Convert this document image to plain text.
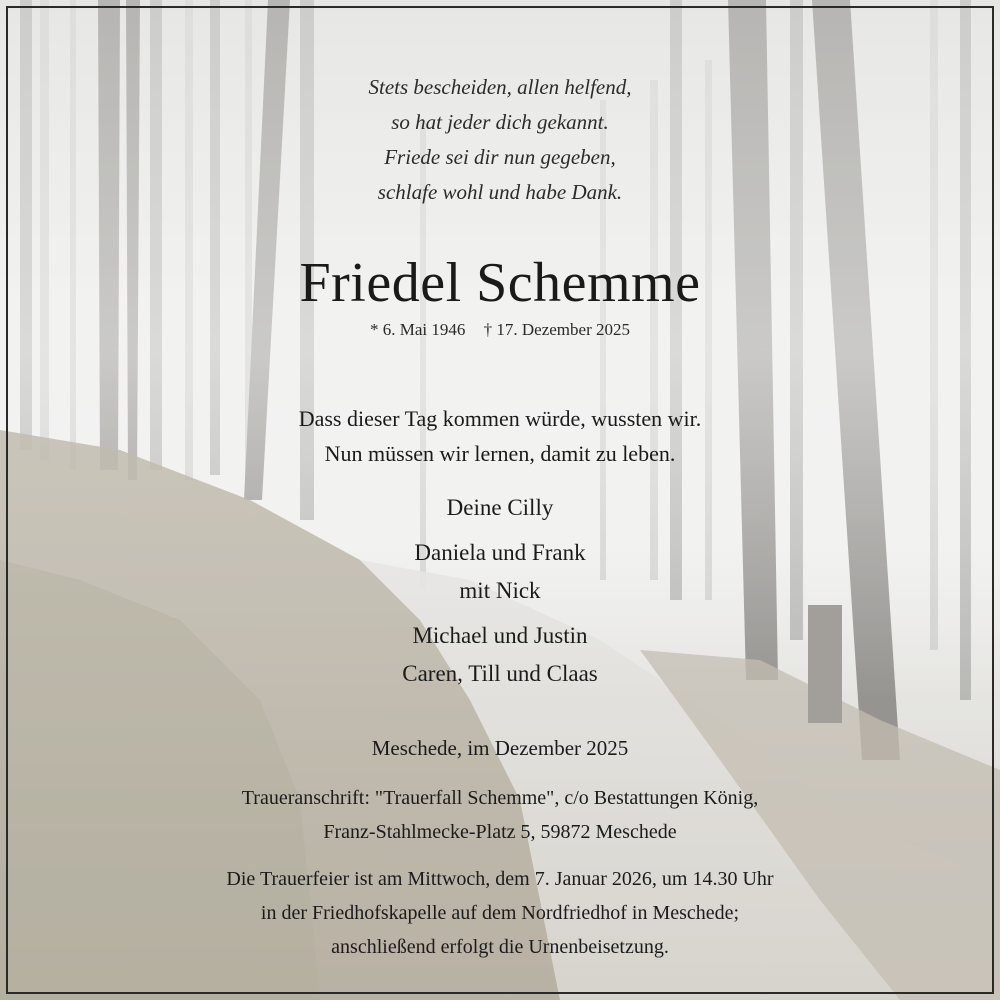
Stets bescheiden, allen helfend,
so hat jeder dich gekannt.
Friede sei dir nun gegeben,
schlafe wohl und habe Dank.
Friedel Schemme
* 6. Mai 1946 † 17. Dezember 2025
Dass dieser Tag kommen würde, wussten wir.
Nun müssen wir lernen, damit zu leben.
Deine Cilly
Daniela und Frank
mit Nick
Michael und Justin
Caren, Till und Claas
Meschede, im Dezember 2025
Traueranschrift: "Trauerfall Schemme", c/o Bestattungen König,
Franz-Stahlmecke-Platz 5, 59872 Meschede
Die Trauerfeier ist am Mittwoch, dem 7. Januar 2026, um 14.30 Uhr
in der Friedhofskapelle auf dem Nordfriedhof in Meschede;
anschließend erfolgt die Urnenbeisetzung.
